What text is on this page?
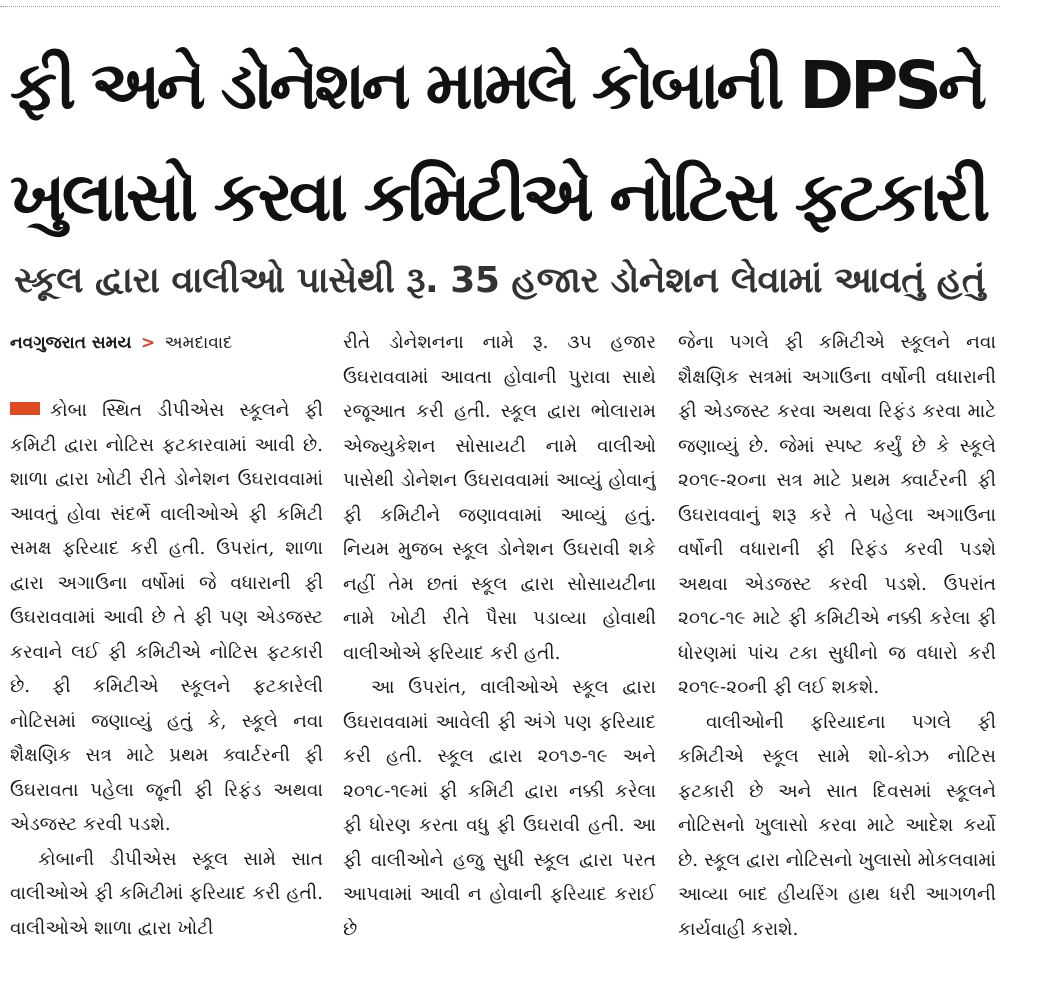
ફી અને ડોનેશન મામલે કોબાની DPSને
ખુલાસો કરવા કમિટીએ નોટિસ ફટકારી
સ્કૂલ દ્વારા વાલીઓ પાસેથી રૂ. 35 હજાર ડોનેશન લેવામાં આવતું હતું
નવગુજરાત સમય > અમદાવાદ

કોબા સ્થિત ડીપીએસ સ્કૂલને ફી કમિટી દ્વારા નોટિસ ફટકારવામાં આવી છે. શાળા દ્વારા ખોટી રીતે ડોનેશન ઉઘરાવવામાં આવતું હોવા સંદર્ભે વાલીઓએ ફી કમિટી સમક્ષ ફરિયાદ કરી હતી. ઉપરાંત, શાળા દ્વારા અગાઉના વર્ષોમાં જે વધારાની ફી ઉઘરાવવામાં આવી છે તે ફી પણ એડજસ્ટ કરવાને લઈ ફી કમિટીએ નોટિસ ફટકારી છે. ફી કમિટીએ સ્કૂલને ફટકારેલી નોટિસમાં જણાવ્યું હતું કે, સ્કૂલે નવા શૈક્ષણિક સત્ર માટે પ્રથમ ક્વાર્ટરની ફી ઉઘરાવતા પહેલા જૂની ફી રિફંડ અથવા એડજસ્ટ કરવી પડશે.

કોબાની ડીપીએસ સ્કૂલ સામે સાત વાલીઓએ ફી કમિટીમાં ફરિયાદ કરી હતી. વાલીઓએ શાળા દ્વારા ખોટી

રીતે ડોનેશનના નામે રૂ. ૩૫ હજાર ઉઘરાવવામાં આવતા હોવાની પુરાવા સાથે રજૂઆત કરી હતી. સ્કૂલ દ્વારા ભોલારામ એજ્યુકેશન સોસાયટી નામે વાલીઓ પાસેથી ડોનેશન ઉઘરાવવામાં આવ્યું હોવાનું ફી કમિટીને જણાવવામાં આવ્યું હતું. નિયમ મુજબ સ્કૂલ ડોનેશન ઉઘરાવી શકે નહીં તેમ છતાં સ્કૂલ દ્વારા સોસાયટીના નામે ખોટી રીતે પૈસા પડાવ્યા હોવાથી વાલીઓએ ફરિયાદ કરી હતી.

આ ઉપરાંત, વાલીઓએ સ્કૂલ દ્વારા ઉઘરાવવામાં આવેલી ફી અંગે પણ ફરિયાદ કરી હતી. સ્કૂલ દ્વારા ૨૦૧૭-૧૯ અને ૨૦૧૮-૧૯માં ફી કમિટી દ્વારા નક્કી કરેલા ફી ધોરણ કરતા વધુ ફી ઉઘરાવી હતી. આ ફી વાલીઓને હજુ સુધી સ્કૂલ દ્વારા પરત આપવામાં આવી ન હોવાની ફરિયાદ કરાઈ છે

જેના પગલે ફી કમિટીએ સ્કૂલને નવા શૈક્ષણિક સત્રમાં અગાઉના વર્ષોની વધારાની ફી એડજસ્ટ કરવા અથવા રિફંડ કરવા માટે જણાવ્યું છે. જેમાં સ્પષ્ટ કર્યું છે કે સ્કૂલે ૨૦૧૯-૨૦ના સત્ર માટે પ્રથમ ક્વાર્ટરની ફી ઉઘરાવવાનું શરૂ કરે તે પહેલા અગાઉના વર્ષોની વધારાની ફી રિફંડ કરવી પડશે અથવા એડજસ્ટ કરવી પડશે. ઉપરાંત ૨૦૧૮-૧૯ માટે ફી કમિટીએ નક્કી કરેલા ફી ધોરણમાં પાંચ ટકા સુધીનો જ વધારો કરી ૨૦૧૯-૨૦ની ફી લઈ શકશે.

વાલીઓની ફરિયાદના પગલે ફી કમિટીએ સ્કૂલ સામે શો-કોઝ નોટિસ ફટકારી છે અને સાત દિવસમાં સ્કૂલને નોટિસનો ખુલાસો કરવા માટે આદેશ કર્યો છે. સ્કૂલ દ્વારા નોટિસનો ખુલાસો મોકલવામાં આવ્યા બાદ હીયરિંગ હાથ ધરી આગળની કાર્યવાહી કરાશે.
